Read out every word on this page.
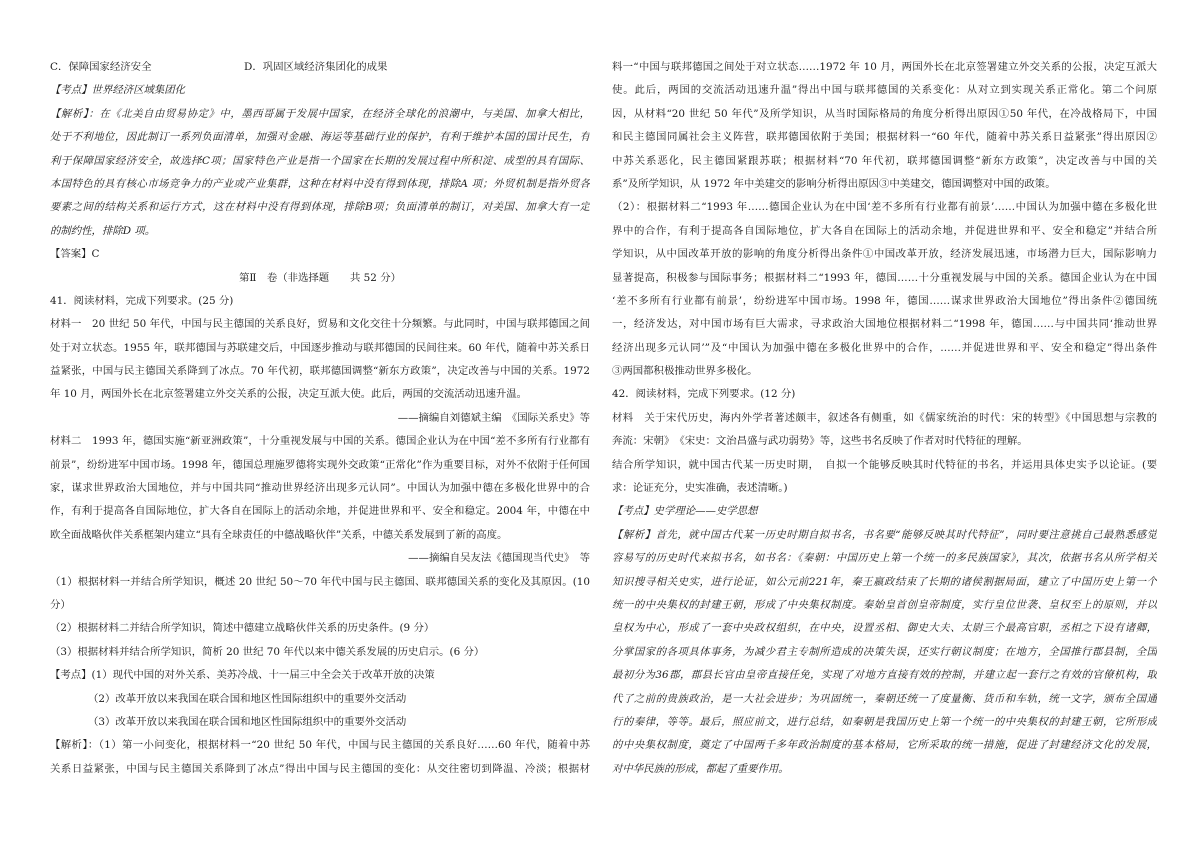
C．保障国家经济安全	D．巩固区域经济集团化的成果
【考点】世界经济区域集团化
【解析】：在《北美自由贸易协定》中，墨西哥属于发展中国家，在经济全球化的浪潮中，与美国、加拿大相比，
处于不利地位，因此制订一系列负面清单，加强对金融、海运等基础行业的保护，有利于维护本国的国计民生，有
利于保障国家经济安全，故选择C项；国家特色产业是指一个国家在长期的发展过程中所积淀、成型的具有国际、
本国特色的具有核心市场竞争力的产业或产业集群，这种在材料中没有得到体现，排除A 项；外贸机制是指外贸各
要素之间的结构关系和运行方式，这在材料中没有得到体现，排除B项；负面清单的制订，对美国、加拿大有一定
的制约性，排除D 项。
【答案】C
第Ⅱ　卷（非选择题　　共 52 分）
41．阅读材料，完成下列要求。(25 分)
材料一　20 世纪 50 年代，中国与民主德国的关系良好，贸易和文化交往十分频繁。与此同时，中国与联邦德国之间
处于对立状态。1955 年，联邦德国与苏联建交后，中国逐步推动与联邦德国的民间往来。60 年代，随着中苏关系日
益紧张，中国与民主德国关系降到了冰点。70 年代初，联邦德国调整“新东方政策”，决定改善与中国的关系。1972
年 10 月，两国外长在北京签署建立外交关系的公报，决定互派大使。此后，两国的交流活动迅速升温。
——摘编自刘德斌主编　《国际关系史》等
材料二　1993 年，德国实施“新亚洲政策”，十分重视发展与中国的关系。德国企业认为在中国“差不多所有行业都有
前景”，纷纷进军中国市场。1998 年，德国总理施罗德将实现外交政策“正常化”作为重要目标，对外不依附于任何国
家，谋求世界政治大国地位，并与中国共同“推动世界经济出现多元认同”。中国认为加强中德在多极化世界中的合
作，有利于提高各自国际地位，扩大各自在国际上的活动余地，并促进世界和平、安全和稳定。2004 年，中德在中
欧全面战略伙伴关系框架内建立“具有全球责任的中德战略伙伴”关系，中德关系发展到了新的高度。
——摘编自吴友法《德国现当代史》　等
（1）根据材料一并结合所学知识，概述 20 世纪 50～70 年代中国与民主德国、联邦德国关系的变化及其原因。(10
分）
（2）根据材料二并结合所学知识，简述中德建立战略伙伴关系的历史条件。(9 分）
（3）根据材料并结合所学知识，简析 20 世纪 70 年代以来中德关系发展的历史启示。(6 分）
【考点】(1）现代中国的对外关系、美苏冷战、十一届三中全会关于改革开放的决策
（2）改革开放以来我国在联合国和地区性国际组织中的重要外交活动
（3）改革开放以来我国在联合国和地区性国际组织中的重要外交活动
【解析】：（1）第一小问变化，根据材料一“20 世纪 50 年代，中国与民主德国的关系良好……60 年代，随着中苏
关系日益紧张，中国与民主德国关系降到了冰点”得出中国与民主德国的变化：从交往密切到降温、冷淡；根据材
料一“中国与联邦德国之间处于对立状态……1972 年 10 月，两国外长在北京签署建立外交关系的公报，决定互派大
使。此后，两国的交流活动迅速升温”得出中国与联邦德国的关系变化：从对立到实现关系正常化。第二个问原
因，从材料“20 世纪 50 年代”及所学知识，从当时国际格局的角度分析得出原因①50 年代，在冷战格局下，中国
和民主德国同属社会主义阵营，联邦德国依附于美国；根据材料一“60 年代，随着中苏关系日益紧张”得出原因②
中苏关系恶化，民主德国紧跟苏联；根据材料“70 年代初，联邦德国调整“新东方政策”，决定改善与中国的关
系”及所学知识，从 1972 年中美建交的影响分析得出原因③中美建交，德国调整对中国的政策。
（2）：根据材料二“1993 年……德国企业认为在中国‘差不多所有行业都有前景’……中国认为加强中德在多极化世
界中的合作，有利于提高各自国际地位，扩大各自在国际上的活动余地，并促进世界和平、安全和稳定”并结合所
学知识，从中国改革开放的影响的角度分析得出条件①中国改革开放，经济发展迅速，市场潜力巨大，国际影响力
显著提高，积极参与国际事务；根据材料二“1993 年，德国……十分重视发展与中国的关系。德国企业认为在中国
‘差不多所有行业都有前景’，纷纷进军中国市场。1998 年，德国……谋求世界政治大国地位”得出条件②德国统
一，经济发达，对中国市场有巨大需求，寻求政治大国地位根据材料二“1998 年，德国……与中国共同‘推动世界
经济出现多元认同’”及“中国认为加强中德在多极化世界中的合作，……并促进世界和平、安全和稳定”得出条件
③两国都积极推动世界多极化。
42．阅读材料，完成下列要求。(12 分)
材料　关于宋代历史，海内外学者著述颇丰，叙述各有侧重，如《儒家统治的时代：宋的转型》《中国思想与宗教的
奔流：宋朝》　《宋史：文治昌盛与武功弱势》等，这些书名反映了作者对时代特征的理解。
结合所学知识，就中国古代某一历史时期，　自拟一个能够反映其时代特征的书名，并运用具体史实予以论证。(要
求：论证充分，史实准确，表述清晰。)
【考点】史学理论——史学思想
【解析】首先，就中国古代某一历史时期自拟书名，书名要“能够反映其时代特征”，同时要注意挑自己最熟悉感觉
容易写的历史时代来拟书名，如书名：《秦朝：中国历史上第一个统一的多民族国家》，其次，依据书名从所学相关
知识搜寻相关史实，进行论证，如公元前221年，秦王嬴政结束了长期的诸侯割据局面，建立了中国历史上第一个
统一的中央集权的封建王朝，形成了中央集权制度。秦始皇首创皇帝制度，实行皇位世袭、皇权至上的原则，并以
皇权为中心，形成了一套中央政权组织，在中央，设置丞相、御史大夫、太尉三个最高官职，丞相之下设有诸卿，
分掌国家的各项具体事务，为减少君主专制所造成的决策失误，还实行朝议制度；在地方，全国推行郡县制，全国
最初分为36郡，郡县长官由皇帝直接任免，实现了对地方直接有效的控制，并建立起一套行之有效的官僚机构，取
代了之前的贵族政治，是一大社会进步；为巩固统一，秦朝还统一了度量衡、货币和车轨，统一文字，颁布全国通
行的秦律，等等。最后，照应前文，进行总结，如秦朝是我国历史上第一个统一的中央集权的封建王朝，它所形成
的中央集权制度，奠定了中国两千多年政治制度的基本格局，它所采取的统一措施，促进了封建经济文化的发展，
对中华民族的形成，都起了重要作用。
